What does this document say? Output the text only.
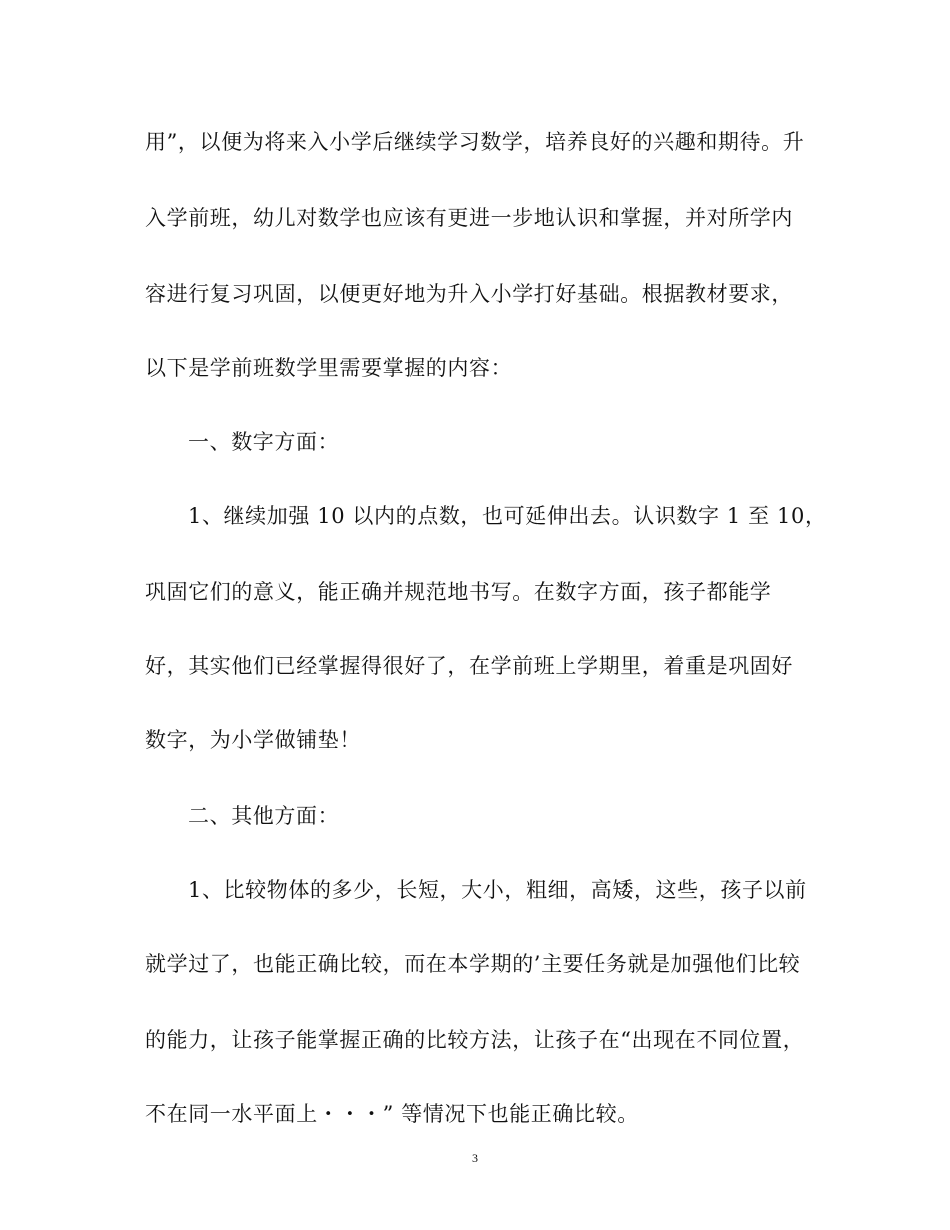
用”，以便为将来入小学后继续学习数学，培养良好的兴趣和期待。升
入学前班，幼儿对数学也应该有更进一步地认识和掌握，并对所学内
容进行复习巩固，以便更好地为升入小学打好基础。根据教材要求，
以下是学前班数学里需要掌握的内容：
一、数字方面：
1、继续加强 10 以内的点数，也可延伸出去。认识数字 1 至 10，
巩固它们的意义，能正确并规范地书写。在数字方面，孩子都能学
好，其实他们已经掌握得很好了，在学前班上学期里，着重是巩固好
数字，为小学做铺垫！
二、其他方面：
1、比较物体的多少，长短，大小，粗细，高矮，这些，孩子以前
就学过了，也能正确比较，而在本学期的’主要任务就是加强他们比较
的能力，让孩子能掌握正确的比较方法，让孩子在“出现在不同位置，
不在同一水平面上・・・” 等情况下也能正确比较。
3
